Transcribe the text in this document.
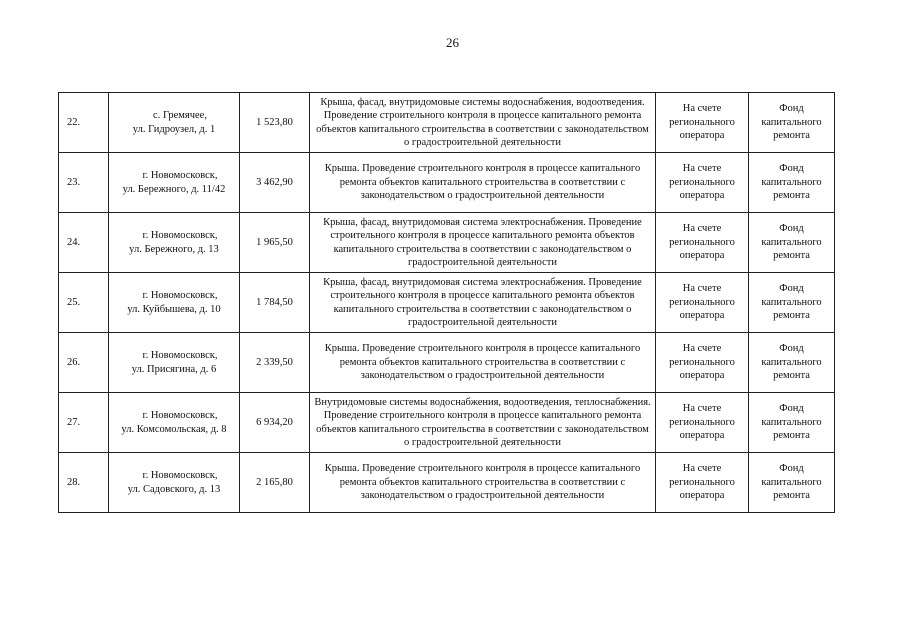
26
22.	с. Гремячее,
ул. Гидроузел, д. 1	1 523,80	Крыша, фасад, внутридомовые системы водоснабжения, водоотведения. Проведение строительного контроля в процессе капитального ремонта объектов капитального строительства в соответствии с законодательством о градостроительной деятельности	На счете регионального оператора	Фонд капитального ремонта
23.	г. Новомосковск,
ул. Бережного, д. 11/42	3 462,90	Крыша. Проведение строительного контроля в процессе капитального ремонта объектов капитального строительства в соответствии с законодательством о градостроительной деятельности	На счете регионального оператора	Фонд капитального ремонта
24.	г. Новомосковск,
ул. Бережного, д. 13	1 965,50	Крыша, фасад, внутридомовая система электроснабжения. Проведение строительного контроля в процессе капитального ремонта объектов капитального строительства в соответствии с законодательством о градостроительной деятельности	На счете регионального оператора	Фонд капитального ремонта
25.	г. Новомосковск,
ул. Куйбышева, д. 10	1 784,50	Крыша, фасад, внутридомовая система электроснабжения. Проведение строительного контроля в процессе капитального ремонта объектов капитального строительства в соответствии с законодательством о градостроительной деятельности	На счете регионального оператора	Фонд капитального ремонта
26.	г. Новомосковск,
ул. Присягина, д. 6	2 339,50	Крыша. Проведение строительного контроля в процессе капитального ремонта объектов капитального строительства в соответствии с законодательством о градостроительной деятельности	На счете регионального оператора	Фонд капитального ремонта
27.	г. Новомосковск,
ул. Комсомольская, д. 8	6 934,20	Внутридомовые системы водоснабжения, водоотведения, теплоснабжения. Проведение строительного контроля в процессе капитального ремонта объектов капитального строительства в соответствии с законодательством о градостроительной деятельности	На счете регионального оператора	Фонд капитального ремонта
28.	г. Новомосковск,
ул. Садовского, д. 13	2 165,80	Крыша. Проведение строительного контроля в процессе капитального ремонта объектов капитального строительства в соответствии с законодательством о градостроительной деятельности	На счете регионального оператора	Фонд капитального ремонта
